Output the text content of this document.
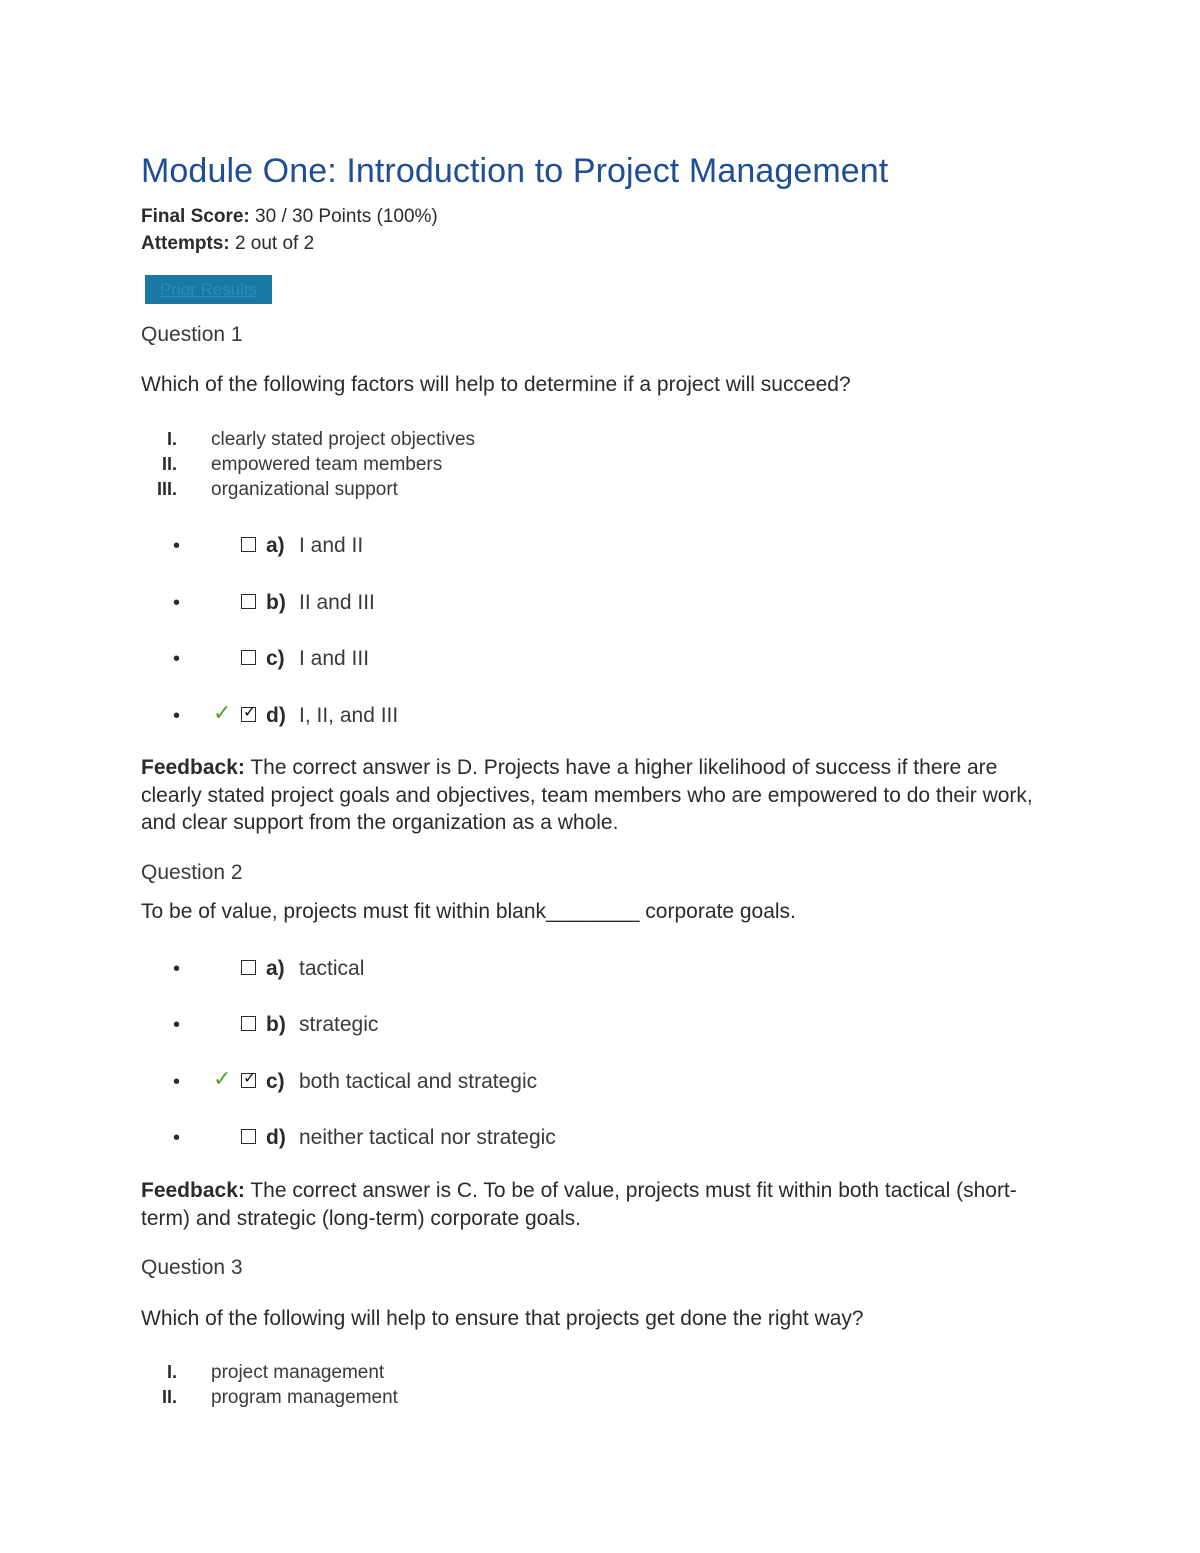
Module One: Introduction to Project Management
Final Score: 30 / 30 Points (100%)
Attempts: 2 out of 2
Prior Results
Question 1
Which of the following factors will help to determine if a project will succeed?
I. clearly stated project objectives
II. empowered team members
III. organizational support
•	a) I and II
•	b) II and III
•	c) I and III
• ✓ ✓ d) I, II, and III
Feedback: The correct answer is D. Projects have a higher likelihood of success if there are clearly stated project goals and objectives, team members who are empowered to do their work, and clear support from the organization as a whole.
Question 2
To be of value, projects must fit within blank________ corporate goals.
•	a) tactical
•	b) strategic
• ✓ ✓ c) both tactical and strategic
•	d) neither tactical nor strategic
Feedback: The correct answer is C. To be of value, projects must fit within both tactical (short-term) and strategic (long-term) corporate goals.
Question 3
Which of the following will help to ensure that projects get done the right way?
I. project management
II. program management
